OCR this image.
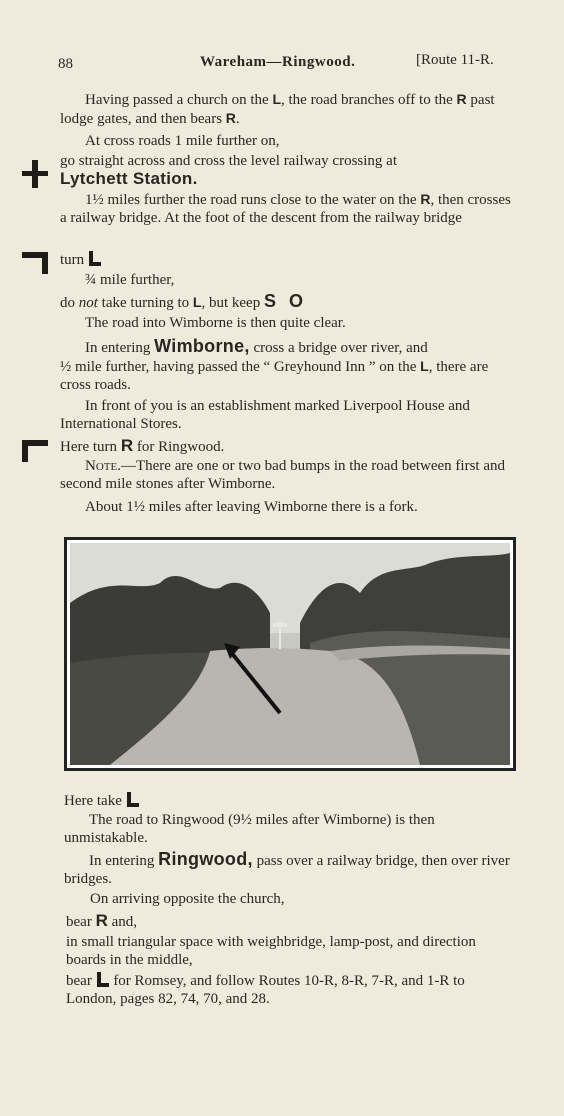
88	Wareham—Ringwood.	[Route 11-R.
Having passed a church on the L, the road branches off to the R past lodge gates, and then bears R.
At cross roads 1 mile further on,
go straight across and cross the level railway crossing at
Lytchett Station.
1½ miles further the road runs close to the water on the R, then crosses a railway bridge. At the foot of the descent from the railway bridge
turn
¾ mile further,
do not take turning to L, but keep S O
The road into Wimborne is then quite clear.
In entering Wimborne, cross a bridge over river, and
½ mile further, having passed the “ Greyhound Inn ” on the L, there are cross roads.
In front of you is an establishment marked Liverpool House and International Stores.
Here turn R for Ringwood.
Note.—There are one or two bad bumps in the road between first and second mile stones after Wimborne.
About 1½ miles after leaving Wimborne there is a fork.
Here take
The road to Ringwood (9½ miles after Wimborne) is then unmistakable.
In entering Ringwood, pass over a railway bridge, then over river bridges.
On arriving opposite the church,
bear R and,
in small triangular space with weighbridge, lamp-post, and direction boards in the middle,
bear for Romsey, and follow Routes 10-R, 8-R, 7-R, and 1-R to London, pages 82, 74, 70, and 28.
